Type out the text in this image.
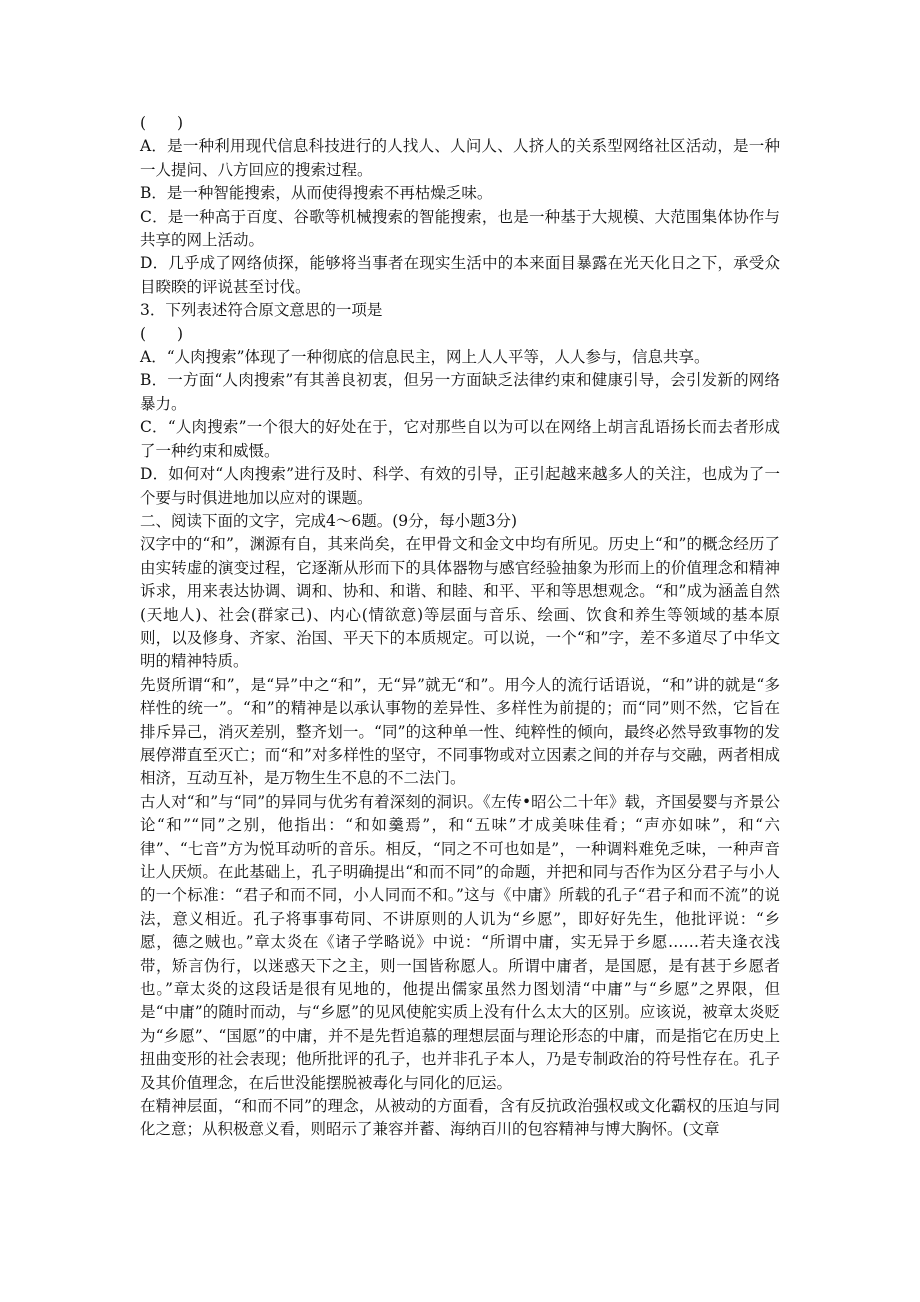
(　　)

A．是一种利用现代信息科技进行的人找人、人问人、人挤人的关系型网络社区活动，是一种一人提问、八方回应的搜索过程。

B．是一种智能搜索，从而使得搜索不再枯燥乏味。

C．是一种高于百度、谷歌等机械搜索的智能搜索，也是一种基于大规模、大范围集体协作与共享的网上活动。

D．几乎成了网络侦探，能够将当事者在现实生活中的本来面目暴露在光天化日之下，承受众目睽睽的评说甚至讨伐。

3．下列表述符合原文意思的一项是

(　　)

A．“人肉搜索”体现了一种彻底的信息民主，网上人人平等，人人参与，信息共享。

B．一方面“人肉搜索”有其善良初衷，但另一方面缺乏法律约束和健康引导，会引发新的网络暴力。

C．“人肉搜索”一个很大的好处在于，它对那些自以为可以在网络上胡言乱语扬长而去者形成了一种约束和威慑。

D．如何对“人肉搜索”进行及时、科学、有效的引导，正引起越来越多人的关注，也成为了一个要与时俱进地加以应对的课题。

二、阅读下面的文字，完成4～6题。(9分，每小题3分)

汉字中的“和”，渊源有自，其来尚矣，在甲骨文和金文中均有所见。历史上“和”的概念经历了由实转虚的演变过程，它逐渐从形而下的具体器物与感官经验抽象为形而上的价值理念和精神诉求，用来表达协调、调和、协和、和谐、和睦、和平、平和等思想观念。“和”成为涵盖自然(天地人)、社会(群家己)、内心(情欲意)等层面与音乐、绘画、饮食和养生等领域的基本原则，以及修身、齐家、治国、平天下的本质规定。可以说，一个“和”字，差不多道尽了中华文明的精神特质。

先贤所谓“和”，是“异”中之“和”，无“异”就无“和”。用今人的流行话语说，“和”讲的就是“多样性的统一”。“和”的精神是以承认事物的差异性、多样性为前提的；而“同”则不然，它旨在排斥异己，消灭差别，整齐划一。“同”的这种单一性、纯粹性的倾向，最终必然导致事物的发展停滞直至灭亡；而“和”对多样性的坚守，不同事物或对立因素之间的并存与交融，两者相成相济，互动互补，是万物生生不息的不二法门。

古人对“和”与“同”的异同与优劣有着深刻的洞识。《左传•昭公二十年》载，齐国晏婴与齐景公论“和”“同”之别，他指出：“和如羹焉”，和“五味”才成美味佳肴；“声亦如味”，和“六律”、“七音”方为悦耳动听的音乐。相反，“同之不可也如是”，一种调料难免乏味，一种声音让人厌烦。在此基础上，孔子明确提出“和而不同”的命题，并把和同与否作为区分君子与小人的一个标准：“君子和而不同，小人同而不和。”这与《中庸》所载的孔子“君子和而不流”的说法，意义相近。孔子将事事苟同、不讲原则的人讥为“乡愿”，即好好先生，他批评说：“乡愿，德之贼也。”章太炎在《诸子学略说》中说：“所谓中庸，实无异于乡愿……若夫逢衣浅带，矫言伪行，以迷惑天下之主，则一国皆称愿人。所谓中庸者，是国愿，是有甚于乡愿者也。”章太炎的这段话是很有见地的，他提出儒家虽然力图划清“中庸”与“乡愿”之界限，但是“中庸”的随时而动，与“乡愿”的见风使舵实质上没有什么太大的区别。应该说，被章太炎贬为“乡愿”、“国愿”的中庸，并不是先哲追慕的理想层面与理论形态的中庸，而是指它在历史上扭曲变形的社会表现；他所批评的孔子，也并非孔子本人，乃是专制政治的符号性存在。孔子及其价值理念，在后世没能摆脱被毒化与同化的厄运。

在精神层面，“和而不同”的理念，从被动的方面看，含有反抗政治强权或文化霸权的压迫与同化之意；从积极意义看，则昭示了兼容并蓄、海纳百川的包容精神与博大胸怀。(文章
